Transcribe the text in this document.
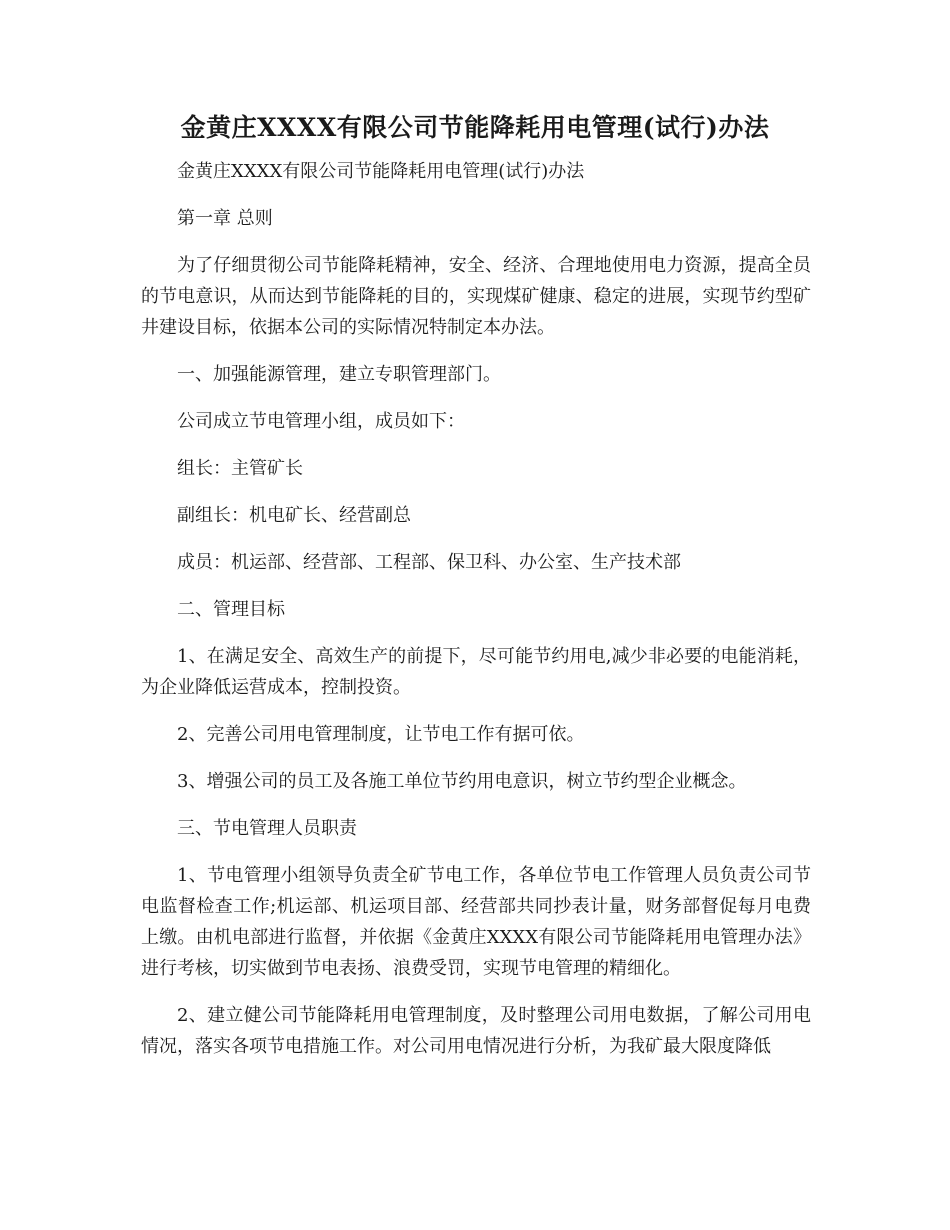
金黄庄XXXX有限公司节能降耗用电管理(试行)办法

金黄庄XXXX有限公司节能降耗用电管理(试行)办法

第一章 总则

为了仔细贯彻公司节能降耗精神，安全、经济、合理地使用电力资源，提高全员的节电意识，从而达到节能降耗的目的，实现煤矿健康、稳定的进展，实现节约型矿井建设目标，依据本公司的实际情况特制定本办法。

一、加强能源管理，建立专职管理部门。

公司成立节电管理小组，成员如下：

组长：主管矿长

副组长：机电矿长、经营副总

成员：机运部、经营部、工程部、保卫科、办公室、生产技术部

二、管理目标

1、在满足安全、高效生产的前提下，尽可能节约用电,减少非必要的电能消耗，为企业降低运营成本，控制投资。

2、完善公司用电管理制度，让节电工作有据可依。

3、增强公司的员工及各施工单位节约用电意识，树立节约型企业概念。

三、节电管理人员职责

1、节电管理小组领导负责全矿节电工作，各单位节电工作管理人员负责公司节电监督检查工作;机运部、机运项目部、经营部共同抄表计量，财务部督促每月电费上缴。由机电部进行监督，并依据《金黄庄XXXX有限公司节能降耗用电管理办法》进行考核，切实做到节电表扬、浪费受罚，实现节电管理的精细化。

2、建立健公司节能降耗用电管理制度，及时整理公司用电数据，了解公司用电情况，落实各项节电措施工作。对公司用电情况进行分析，为我矿最大限度降低
